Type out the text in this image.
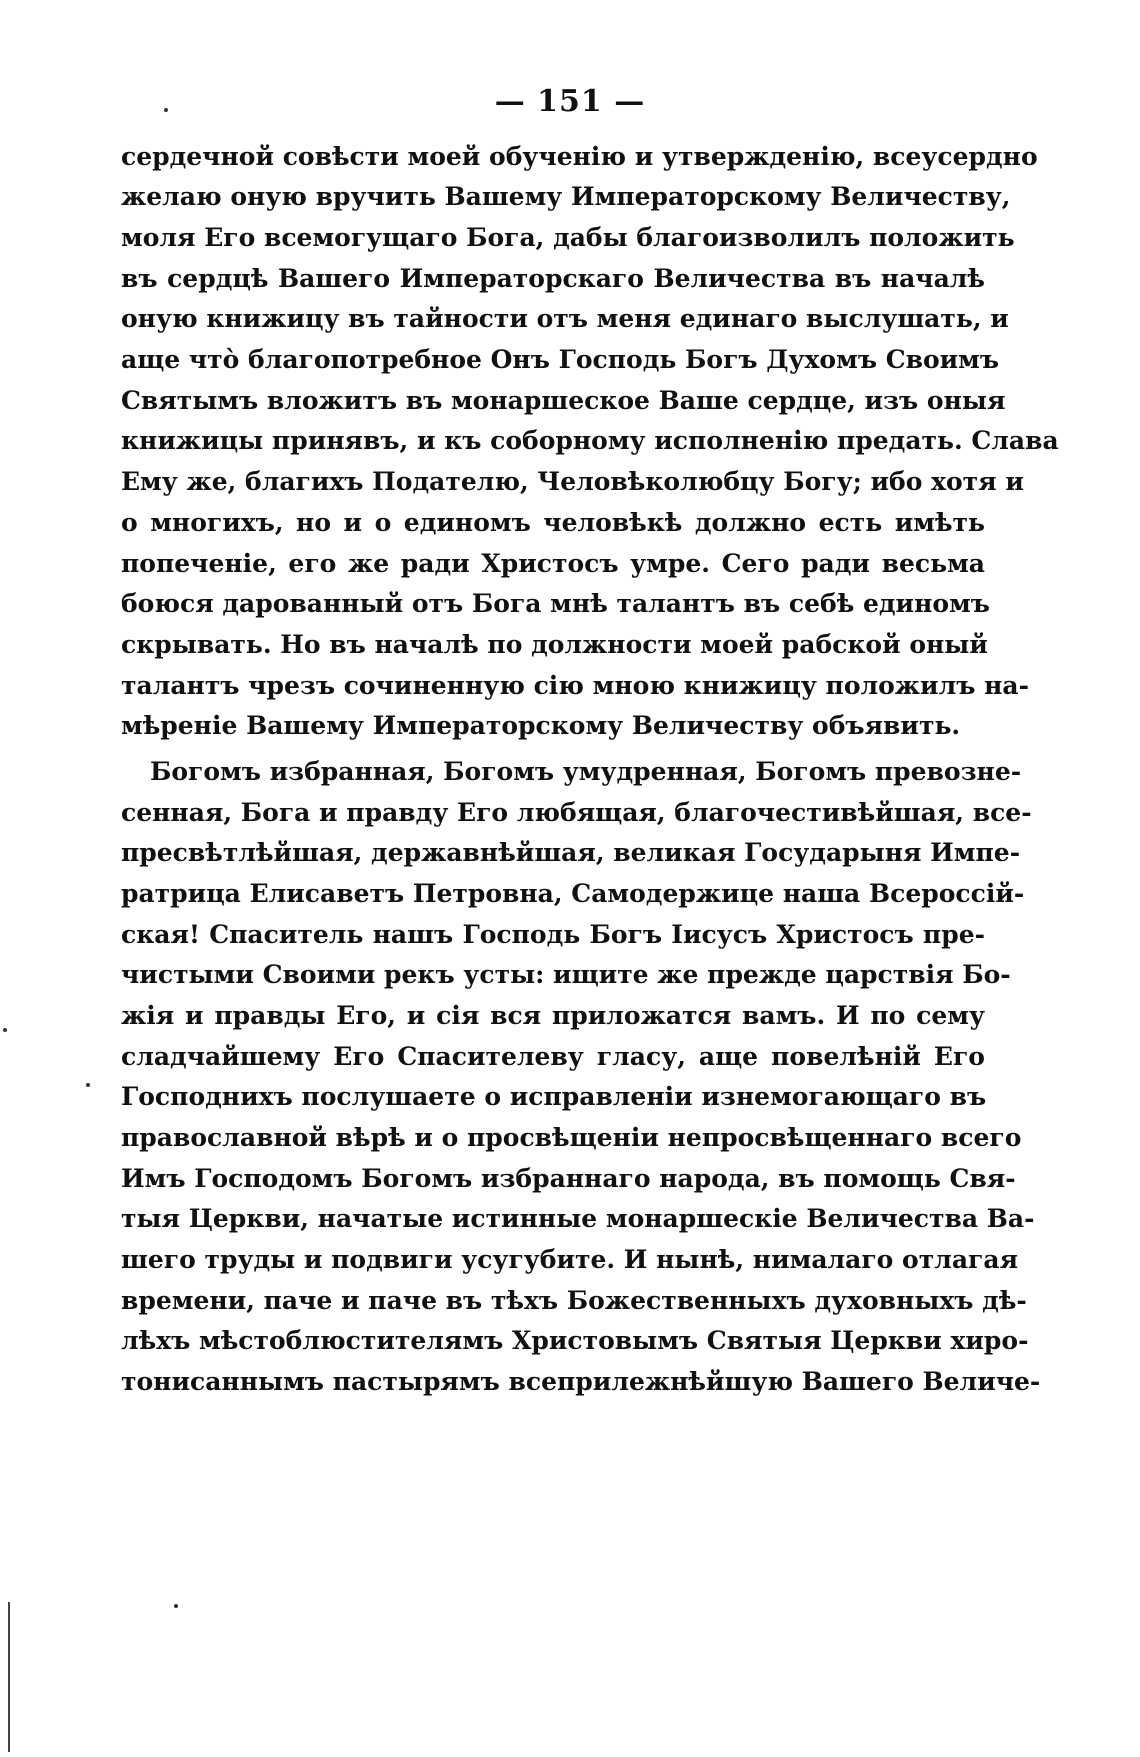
— 151 —
сердечной совѣсти моей обученію и утвержденію, всеусердно
желаю оную вручить Вашему Императорскому Величеству,
моля Его всемогущаго Бога, дабы благоизволилъ положить
въ сердцѣ Вашего Императорскаго Величества въ началѣ
оную книжицу въ тайности отъ меня единаго выслушать, и
аще что̀ благопотребное Онъ Господь Богъ Духомъ Своимъ
Святымъ вложитъ въ монаршеское Ваше сердце, изъ оныя
книжицы принявъ, и къ соборному исполненію предать. Слава
Ему же, благихъ Подателю, Человѣколюбцу Богу; ибо хотя и
о многихъ, но и о единомъ человѣкѣ должно есть имѣть
попеченіе, его же ради Христосъ умре. Сего ради весьма
боюся дарованный отъ Бога мнѣ талантъ въ себѣ единомъ
скрывать. Но въ началѣ по должности моей рабской оный
талантъ чрезъ сочиненную сію мною книжицу положилъ на-
мѣреніе Вашему Императорскому Величеству объявить.
Богомъ избранная, Богомъ умудренная, Богомъ превозне-
сенная, Бога и правду Его любящая, благочестивѣйшая, все-
пресвѣтлѣйшая, державнѣйшая, великая Государыня Импе-
ратрица Елисаветъ Петровна, Самодержице наша Всероссій-
ская! Спаситель нашъ Господь Богъ Іисусъ Христосъ пре-
чистыми Своими рекъ усты: ищите же прежде царствія Бо-
жія и правды Его, и сія вся приложатся вамъ. И по сему
сладчайшему Его Спасителеву гласу, аще повелѣній Его
Господнихъ послушаете о исправленіи изнемогающаго въ
православной вѣрѣ и о просвѣщеніи непросвѣщеннаго всего
Имъ Господомъ Богомъ избраннаго народа, въ помощь Свя-
тыя Церкви, начатые истинные монаршескіе Величества Ва-
шего труды и подвиги усугубите. И нынѣ, нималаго отлагая
времени, паче и паче въ тѣхъ Божественныхъ духовныхъ дѣ-
лѣхъ мѣстоблюстителямъ Христовымъ Святыя Церкви хиро-
тонисаннымъ пастырямъ всеприлежнѣйшую Вашего Величе-
